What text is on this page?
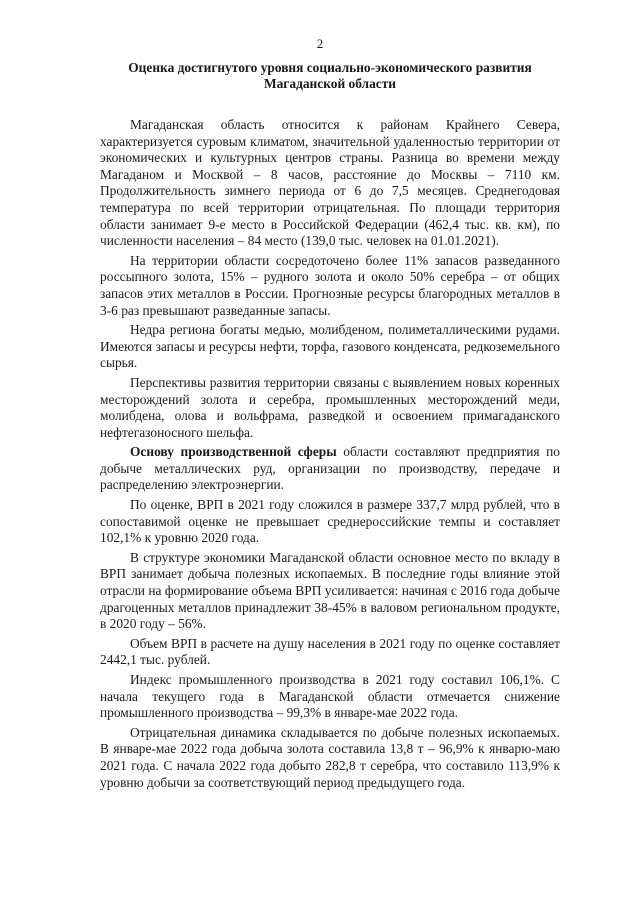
2
Оценка достигнутого уровня социально-экономического развития Магаданской области

Магаданская область относится к районам Крайнего Севера, характеризуется суровым климатом, значительной удаленностью территории от экономических и культурных центров страны. Разница во времени между Магаданом и Москвой – 8 часов, расстояние до Москвы – 7110 км. Продолжительность зимнего периода от 6 до 7,5 месяцев. Среднегодовая температура по всей территории отрицательная. По площади территория области занимает 9-е место в Российской Федерации (462,4 тыс. кв. км), по численности населения – 84 место (139,0 тыс. человек на 01.01.2021).

На территории области сосредоточено более 11% запасов разведанного россыпного золота, 15% – рудного золота и около 50% серебра – от общих запасов этих металлов в России. Прогнозные ресурсы благородных металлов в 3-6 раз превышают разведанные запасы.

Недра региона богаты медью, молибденом, полиметаллическими рудами. Имеются запасы и ресурсы нефти, торфа, газового конденсата, редкоземельного сырья.

Перспективы развития территории связаны с выявлением новых коренных месторождений золота и серебра, промышленных месторождений меди, молибдена, олова и вольфрама, разведкой и освоением примагаданского нефтегазоносного шельфа.

Основу производственной сферы области составляют предприятия по добыче металлических руд, организации по производству, передаче и распределению электроэнергии.

По оценке, ВРП в 2021 году сложился в размере 337,7 млрд рублей, что в сопоставимой оценке не превышает среднероссийские темпы и составляет 102,1% к уровню 2020 года.

В структуре экономики Магаданской области основное место по вкладу в ВРП занимает добыча полезных ископаемых. В последние годы влияние этой отрасли на формирование объема ВРП усиливается: начиная с 2016 года добыче драгоценных металлов принадлежит 38-45% в валовом региональном продукте, в 2020 году – 56%.

Объем ВРП в расчете на душу населения в 2021 году по оценке составляет 2442,1 тыс. рублей.

Индекс промышленного производства в 2021 году составил 106,1%. С начала текущего года в Магаданской области отмечается снижение промышленного производства – 99,3% в январе-мае 2022 года.

Отрицательная динамика складывается по добыче полезных ископаемых. В январе-мае 2022 года добыча золота составила 13,8 т – 96,9% к январю-маю 2021 года. С начала 2022 года добыто 282,8 т серебра, что составило 113,9% к уровню добычи за соответствующий период предыдущего года.
